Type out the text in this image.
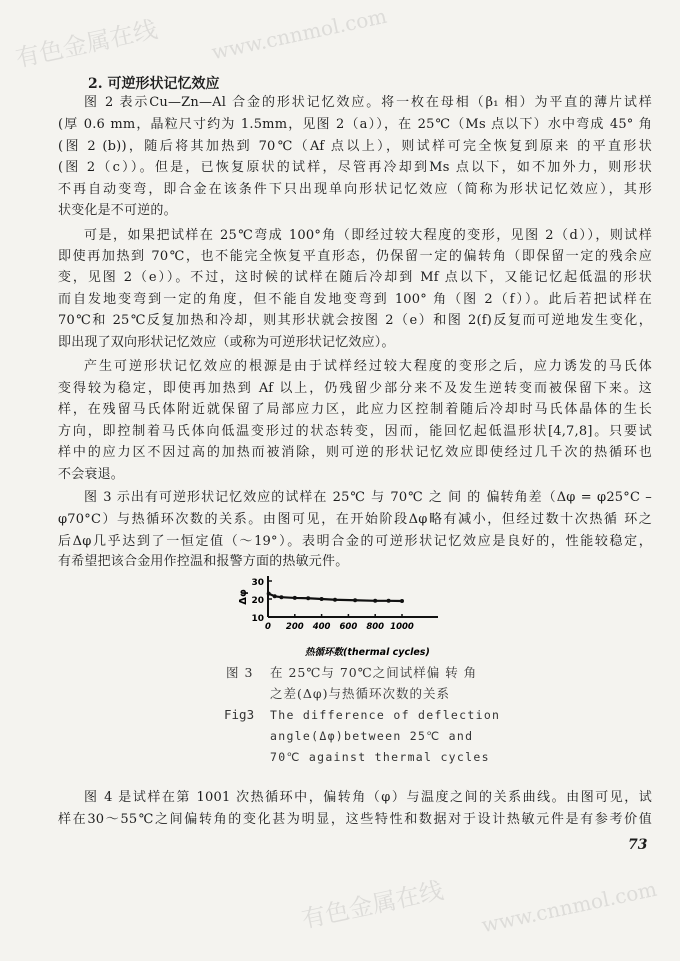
有色金属在线 www.cnnmol.com
有色金属在线 www.cnnmol.com
2. 可逆形状记忆效应
图 2 表示Cu—Zn—Al 合金的形状记忆效应。将一枚在母相（β₁ 相）为平直的薄片试样
(厚 0.6 mm，晶粒尺寸约为 1.5mm，见图 2（a）），在 25℃（Ms 点以下）水中弯成 45° 角
(图 2 (b))，随后将其加热到 70℃（Af 点以上），则试样可完全恢复到原来 的平直形状
(图 2（c））。但是，已恢复原状的试样，尽管再冷却到Ms 点以下，如不加外力，则形状
不再自动变弯，即合金在该条件下只出现单向形状记忆效应（简称为形状记忆效应），其形
状变化是不可逆的。
可是，如果把试样在 25℃弯成 100°角（即经过较大程度的变形，见图 2（d）），则试样
即使再加热到 70℃，也不能完全恢复平直形态，仍保留一定的偏转角（即保留一定的残余应
变，见图 2（e））。不过，这时候的试样在随后冷却到 Mf 点以下，又能记忆起低温的形状
而自发地变弯到一定的角度，但不能自发地变弯到 100° 角（图 2（f））。此后若把试样在
70℃和 25℃反复加热和冷却，则其形状就会按图 2（e）和图 2(f)反复而可逆地发生变化，
即出现了双向形状记忆效应（或称为可逆形状记忆效应）。
产生可逆形状记忆效应的根源是由于试样经过较大程度的变形之后，应力诱发的马氏体
变得较为稳定，即使再加热到 Af 以上，仍残留少部分来不及发生逆转变而被保留下来。这
样，在残留马氏体附近就保留了局部应力区，此应力区控制着随后冷却时马氏体晶体的生长
方向，即控制着马氏体向低温变形过的状态转变，因而，能回忆起低温形状[4,7,8]。只要试
样中的应力区不因过高的加热而被消除，则可逆的形状记忆效应即使经过几千次的热循环也
不会衰退。
图 3 示出有可逆形状记忆效应的试样在 25℃ 与 70℃ 之 间 的 偏转角差（Δφ = φ25°C –
φ70°C）与热循环次数的关系。由图可见，在开始阶段Δφ略有减小，但经过数十次热循 环之
后Δφ几乎达到了一恒定值（～19°）。表明合金的可逆形状记忆效应是良好的，性能较稳定，
有希望把该合金用作控温和报警方面的热敏元件。
图 4 是试样在第 1001 次热循环中，偏转角（φ）与温度之间的关系曲线。由图可见，试
样在30～55℃之间偏转角的变化甚为明显，这些特性和数据对于设计热敏元件是有参考价值
10
20
30
0 200 400 600 800 1000
Δφ
热循环数(thermal cycles)
图 3 在 25℃与 70℃之间试样偏 转 角
之差(Δφ)与热循环次数的关系
Fig3 The difference of deflection
angle(Δφ)between 25℃ and
70℃ against thermal cycles
73
